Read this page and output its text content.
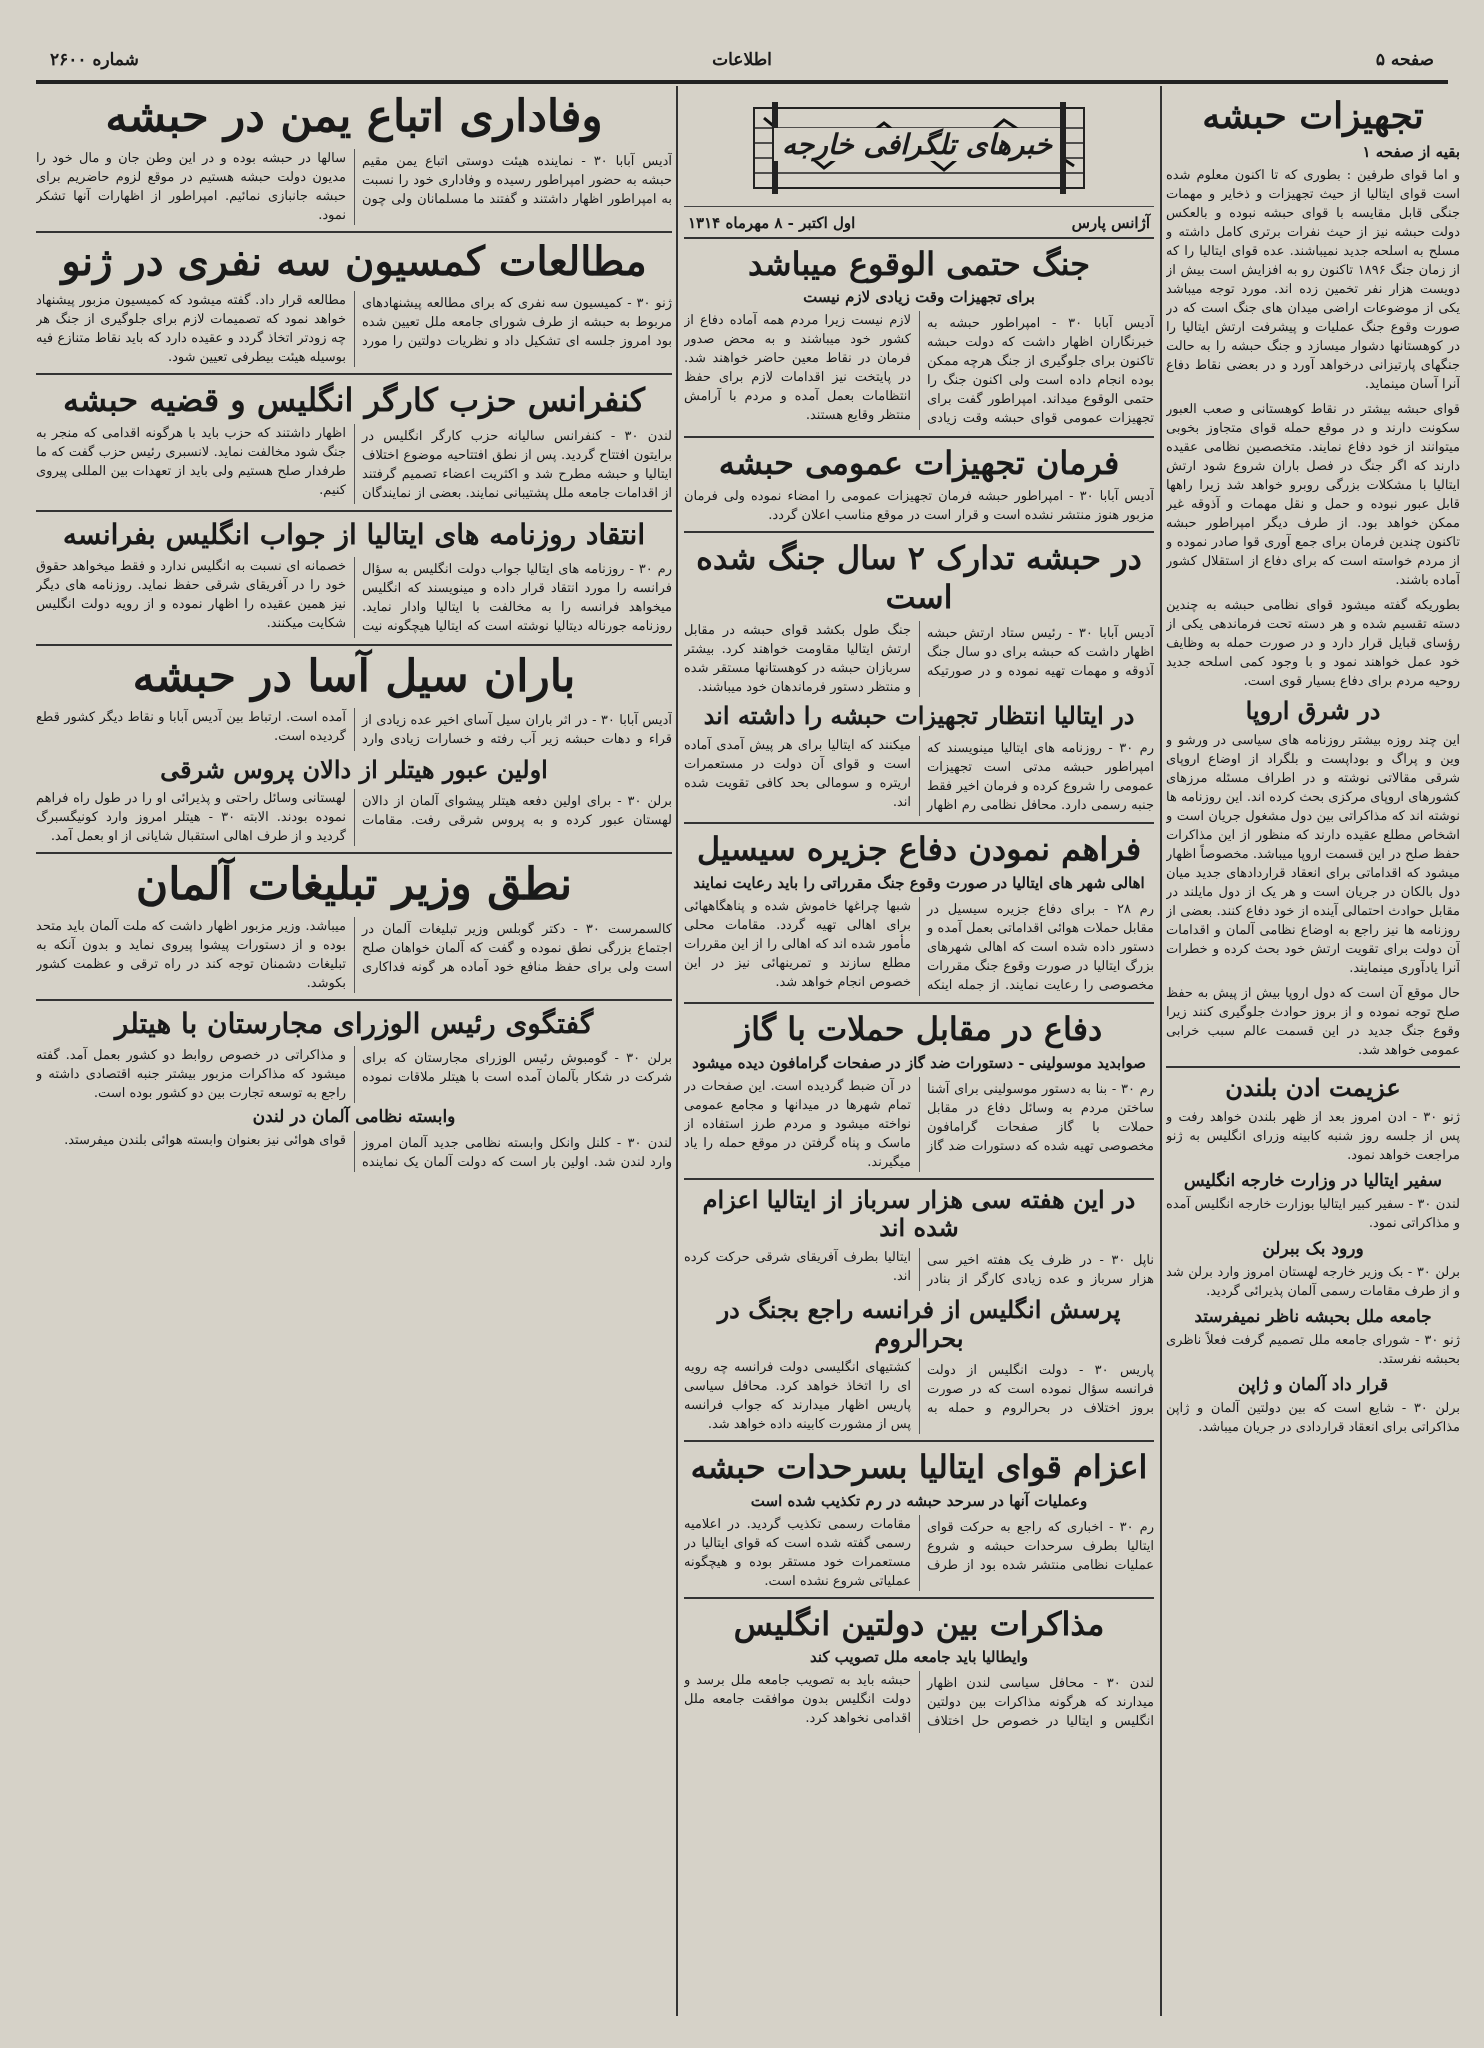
صفحه ۵
اطلاعات
شماره ۲۶۰۰
تجهیزات حبشه
بقیه از صفحه ۱

و اما قوای طرفین : بطوری که تا اکنون معلوم شده است قوای ایتالیا از حیث تجهیزات و ذخایر و مهمات جنگی قابل مقایسه با قوای حبشه نبوده و بالعکس دولت حبشه نیز از حیث نفرات برتری کامل داشته و مسلح به اسلحه جدید نمیباشند. عده قوای ایتالیا را که از زمان جنگ ۱۸۹۶ تاکنون رو به افزایش است بیش از دویست هزار نفر تخمین زده اند. مورد توجه میباشد یکی از موضوعات اراضی میدان های جنگ است که در صورت وقوع جنگ عملیات و پیشرفت ارتش ایتالیا را در کوهستانها دشوار میسازد و جنگ حبشه را به حالت جنگهای پارتیزانی درخواهد آورد و در بعضی نقاط دفاع آنرا آسان مینماید.

قوای حبشه بیشتر در نقاط کوهستانی و صعب العبور سکونت دارند و در موقع حمله قوای متجاوز بخوبی میتوانند از خود دفاع نمایند. متخصصین نظامی عقیده دارند که اگر جنگ در فصل باران شروع شود ارتش ایتالیا با مشکلات بزرگی روبرو خواهد شد زیرا راهها قابل عبور نبوده و حمل و نقل مهمات و آذوقه غیر ممکن خواهد بود. از طرف دیگر امپراطور حبشه تاکنون چندین فرمان برای جمع آوری قوا صادر نموده و از مردم خواسته است که برای دفاع از استقلال کشور آماده باشند.

بطوریکه گفته میشود قوای نظامی حبشه به چندین دسته تقسیم شده و هر دسته تحت فرماندهی یکی از رؤسای قبایل قرار دارد و در صورت حمله به وظایف خود عمل خواهند نمود و با وجود کمی اسلحه جدید روحیه مردم برای دفاع بسیار قوی است.

در شرق اروپا

این چند روزه بیشتر روزنامه های سیاسی در ورشو و وین و پراگ و بوداپست و بلگراد از اوضاع اروپای شرقی مقالاتی نوشته و در اطراف مسئله مرزهای کشورهای اروپای مرکزی بحث کرده اند. این روزنامه ها نوشته اند که مذاکراتی بین دول مشغول جریان است و اشخاص مطلع عقیده دارند که منظور از این مذاکرات حفظ صلح در این قسمت اروپا میباشد. مخصوصاً اظهار میشود که اقداماتی برای انعقاد قراردادهای جدید میان دول بالکان در جریان است و هر یک از دول مایلند در مقابل حوادث احتمالی آینده از خود دفاع کنند. بعضی از روزنامه ها نیز راجع به اوضاع نظامی آلمان و اقدامات آن دولت برای تقویت ارتش خود بحث کرده و خطرات آنرا یادآوری مینمایند.

حال موقع آن است که دول اروپا بیش از پیش به حفظ صلح توجه نموده و از بروز حوادث جلوگیری کنند زیرا وقوع جنگ جدید در این قسمت عالم سبب خرابی عمومی خواهد شد.

عزیمت ادن بلندن

ژنو ۳۰ - ادن امروز بعد از ظهر بلندن خواهد رفت و پس از جلسه روز شنبه کابینه وزرای انگلیس به ژنو مراجعت خواهد نمود.

سفیر ایتالیا در وزارت خارجه انگلیس

لندن ۳۰ - سفیر کبیر ایتالیا بوزارت خارجه انگلیس آمده و مذاکراتی نمود.

ورود بک ببرلن

برلن ۳۰ - بک وزیر خارجه لهستان امروز وارد برلن شد و از طرف مقامات رسمی آلمان پذیرائی گردید.

جامعه ملل بحبشه ناظر نمیفرستد

ژنو ۳۰ - شورای جامعه ملل تصمیم گرفت فعلاً ناظری بحبشه نفرستد.

قرار داد آلمان و ژاپن

برلن ۳۰ - شایع است که بین دولتین آلمان و ژاپن مذاکراتی برای انعقاد قراردادی در جریان میباشد.

خبرهای تلگرافی خارجه
آژانس پارس
اول اکتبر - ۸ مهرماه ۱۳۱۴
جنگ حتمی الوقوع میباشد
برای تجهیزات وقت زیادی لازم نیست

آدیس آبابا ۳۰ - امپراطور حبشه به خبرنگاران اظهار داشت که دولت حبشه تاکنون برای جلوگیری از جنگ هرچه ممکن بوده انجام داده است ولی اکنون جنگ را حتمی الوقوع میداند. امپراطور گفت برای تجهیزات عمومی قوای حبشه وقت زیادی لازم نیست زیرا مردم همه آماده دفاع از کشور خود میباشند و به محض صدور فرمان در نقاط معین حاضر خواهند شد. در پایتخت نیز اقدامات لازم برای حفظ انتظامات بعمل آمده و مردم با آرامش منتظر وقایع هستند.

فرمان تجهیزات عمومی حبشه

آدیس آبابا ۳۰ - امپراطور حبشه فرمان تجهیزات عمومی را امضاء نموده ولی فرمان مزبور هنوز منتشر نشده است و قرار است در موقع مناسب اعلان گردد.

در حبشه تدارک ۲ سال جنگ شده است

آدیس آبابا ۳۰ - رئیس ستاد ارتش حبشه اظهار داشت که حبشه برای دو سال جنگ آذوقه و مهمات تهیه نموده و در صورتیکه جنگ طول بکشد قوای حبشه در مقابل ارتش ایتالیا مقاومت خواهند کرد. بیشتر سربازان حبشه در کوهستانها مستقر شده و منتظر دستور فرماندهان خود میباشند.

در ایتالیا انتظار تجهیزات حبشه را داشته اند

رم ۳۰ - روزنامه های ایتالیا مینویسند که امپراطور حبشه مدتی است تجهیزات عمومی را شروع کرده و فرمان اخیر فقط جنبه رسمی دارد. محافل نظامی رم اظهار میکنند که ایتالیا برای هر پیش آمدی آماده است و قوای آن دولت در مستعمرات اریتره و سومالی بحد کافی تقویت شده اند.

فراهم نمودن دفاع جزیره سیسیل
اهالی شهر های ایتالیا در صورت وقوع جنگ مقرراتی را باید رعایت نمایند

رم ۲۸ - برای دفاع جزیره سیسیل در مقابل حملات هوائی اقداماتی بعمل آمده و دستور داده شده است که اهالی شهرهای بزرگ ایتالیا در صورت وقوع جنگ مقررات مخصوصی را رعایت نمایند. از جمله اینکه شبها چراغها خاموش شده و پناهگاههائی برای اهالی تهیه گردد. مقامات محلی مأمور شده اند که اهالی را از این مقررات مطلع سازند و تمرینهائی نیز در این خصوص انجام خواهد شد.

دفاع در مقابل حملات با گاز
صوابدید موسولینی - دستورات ضد گاز در صفحات گرامافون دیده میشود

رم ۳۰ - بنا به دستور موسولینی برای آشنا ساختن مردم به وسائل دفاع در مقابل حملات با گاز صفحات گرامافون مخصوصی تهیه شده که دستورات ضد گاز در آن ضبط گردیده است. این صفحات در تمام شهرها در میدانها و مجامع عمومی نواخته میشود و مردم طرز استفاده از ماسک و پناه گرفتن در موقع حمله را یاد میگیرند.

در این هفته سی هزار سرباز از ایتالیا اعزام شده اند

ناپل ۳۰ - در ظرف یک هفته اخیر سی هزار سرباز و عده زیادی کارگر از بنادر ایتالیا بطرف آفریقای شرقی حرکت کرده اند.

پرسش انگلیس از فرانسه راجع بجنگ در بحرالروم

پاریس ۳۰ - دولت انگلیس از دولت فرانسه سؤال نموده است که در صورت بروز اختلاف در بحرالروم و حمله به کشتیهای انگلیسی دولت فرانسه چه رویه ای را اتخاذ خواهد کرد. محافل سیاسی پاریس اظهار میدارند که جواب فرانسه پس از مشورت کابینه داده خواهد شد.

اعزام قوای ایتالیا بسرحدات حبشه
وعملیات آنها در سرحد حبشه در رم تکذیب شده است

رم ۳۰ - اخباری که راجع به حرکت قوای ایتالیا بطرف سرحدات حبشه و شروع عملیات نظامی منتشر شده بود از طرف مقامات رسمی تکذیب گردید. در اعلامیه رسمی گفته شده است که قوای ایتالیا در مستعمرات خود مستقر بوده و هیچگونه عملیاتی شروع نشده است.

مذاکرات بین دولتین انگلیس
وایطالیا باید جامعه ملل تصویب کند

لندن ۳۰ - محافل سیاسی لندن اظهار میدارند که هرگونه مذاکرات بین دولتین انگلیس و ایتالیا در خصوص حل اختلاف حبشه باید به تصویب جامعه ملل برسد و دولت انگلیس بدون موافقت جامعه ملل اقدامی نخواهد کرد.

وفاداری اتباع یمن در حبشه

آدیس آبابا ۳۰ - نماینده هیئت دوستی اتباع یمن مقیم حبشه به حضور امپراطور رسیده و وفاداری خود را نسبت به امپراطور اظهار داشتند و گفتند ما مسلمانان ولی چون سالها در حبشه بوده و در این وطن جان و مال خود را مدیون دولت حبشه هستیم در موقع لزوم حاضریم برای حبشه جانبازی نمائیم. امپراطور از اظهارات آنها تشکر نمود.

مطالعات کمسیون سه نفری در ژنو

ژنو ۳۰ - کمیسیون سه نفری که برای مطالعه پیشنهادهای مربوط به حبشه از طرف شورای جامعه ملل تعیین شده بود امروز جلسه ای تشکیل داد و نظریات دولتین را مورد مطالعه قرار داد. گفته میشود که کمیسیون مزبور پیشنهاد خواهد نمود که تصمیمات لازم برای جلوگیری از جنگ هر چه زودتر اتخاذ گردد و عقیده دارد که باید نقاط متنازع فیه بوسیله هیئت بیطرفی تعیین شود.

کنفرانس حزب کارگر انگلیس و قضیه حبشه

لندن ۳۰ - کنفرانس سالیانه حزب کارگر انگلیس در برایتون افتتاح گردید. پس از نطق افتتاحیه موضوع اختلاف ایتالیا و حبشه مطرح شد و اکثریت اعضاء تصمیم گرفتند از اقدامات جامعه ملل پشتیبانی نمایند. بعضی از نمایندگان اظهار داشتند که حزب باید با هرگونه اقدامی که منجر به جنگ شود مخالفت نماید. لانسبری رئیس حزب گفت که ما طرفدار صلح هستیم ولی باید از تعهدات بین المللی پیروی کنیم.

انتقاد روزنامه های ایتالیا از جواب انگلیس بفرانسه

رم ۳۰ - روزنامه های ایتالیا جواب دولت انگلیس به سؤال فرانسه را مورد انتقاد قرار داده و مینویسند که انگلیس میخواهد فرانسه را به مخالفت با ایتالیا وادار نماید. روزنامه جورناله دیتالیا نوشته است که ایتالیا هیچگونه نیت خصمانه ای نسبت به انگلیس ندارد و فقط میخواهد حقوق خود را در آفریقای شرقی حفظ نماید. روزنامه های دیگر نیز همین عقیده را اظهار نموده و از رویه دولت انگلیس شکایت میکنند.

باران سیل آسا در حبشه

آدیس آبابا ۳۰ - در اثر باران سیل آسای اخیر عده زیادی از قراء و دهات حبشه زیر آب رفته و خسارات زیادی وارد آمده است. ارتباط بین آدیس آبابا و نقاط دیگر کشور قطع گردیده است.

اولین عبور هیتلر از دالان پروس شرقی

برلن ۳۰ - برای اولین دفعه هیتلر پیشوای آلمان از دالان لهستان عبور کرده و به پروس شرقی رفت. مقامات لهستانی وسائل راحتی و پذیرائی او را در طول راه فراهم نموده بودند. الابته ۳۰ - هیتلر امروز وارد کونیگسبرگ گردید و از طرف اهالی استقبال شایانی از او بعمل آمد.

نطق وزیر تبلیغات آلمان

کالسمرست ۳۰ - دکتر گوبلس وزیر تبلیغات آلمان در اجتماع بزرگی نطق نموده و گفت که آلمان خواهان صلح است ولی برای حفظ منافع خود آماده هر گونه فداکاری میباشد. وزیر مزبور اظهار داشت که ملت آلمان باید متحد بوده و از دستورات پیشوا پیروی نماید و بدون آنکه به تبلیغات دشمنان توجه کند در راه ترقی و عظمت کشور بکوشد.

گفتگوی رئیس الوزرای مجارستان با هیتلر

برلن ۳۰ - گومبوش رئیس الوزرای مجارستان که برای شرکت در شکار بآلمان آمده است با هیتلر ملاقات نموده و مذاکراتی در خصوص روابط دو کشور بعمل آمد. گفته میشود که مذاکرات مزبور بیشتر جنبه اقتصادی داشته و راجع به توسعه تجارت بین دو کشور بوده است.

وابسته نظامی آلمان در لندن

لندن ۳۰ - کلنل وانکل وابسته نظامی جدید آلمان امروز وارد لندن شد. اولین بار است که دولت آلمان یک نماینده قوای هوائی نیز بعنوان وابسته هوائی بلندن میفرستد.
